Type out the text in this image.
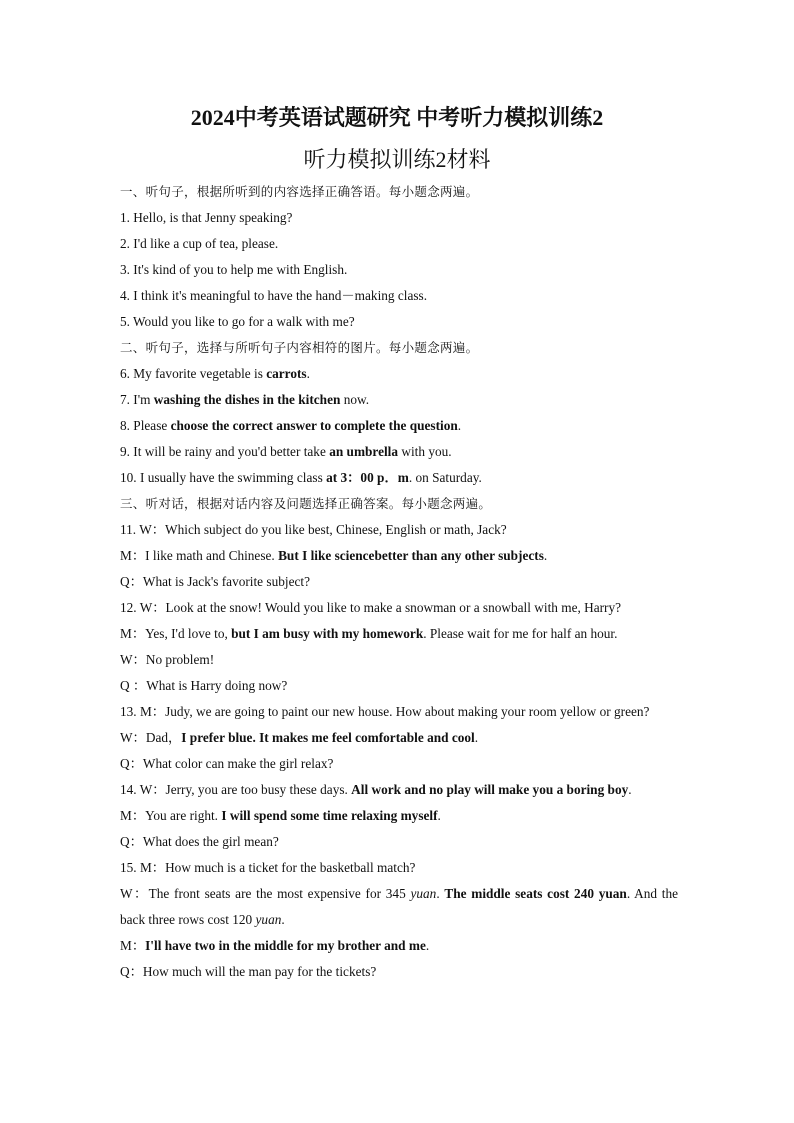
2024中考英语试题研究 中考听力模拟训练2
听力模拟训练2材料
一、听句子，根据所听到的内容选择正确答语。每小题念两遍。
1. Hello, is that Jenny speaking?
2. I'd like a cup of tea, please.
3. It's kind of you to help me with English.
4. I think it's meaningful to have the hand－making class.
5. Would you like to go for a walk with me?
二、听句子，选择与所听句子内容相符的图片。每小题念两遍。
6. My favorite vegetable is carrots.
7. I'm washing the dishes in the kitchen now.
8. Please choose the correct answer to complete the question.
9. It will be rainy and you'd better take an umbrella with you.
10. I usually have the swimming class at 3：00 p．m. on Saturday.
三、听对话，根据对话内容及问题选择正确答案。每小题念两遍。
11. W：Which subject do you like best, Chinese, English or math, Jack?
M：I like math and Chinese. But I like sciencebetter than any other subjects.
Q：What is Jack's favorite subject?
12. W：Look at the snow! Would you like to make a snowman or a snowball with me, Harry?
M：Yes, I'd love to, but I am busy with my homework. Please wait for me for half an hour.
W：No problem!
Q ：What is Harry doing now?
13. M：Judy, we are going to paint our new house. How about making your room yellow or green?
W：Dad，I prefer blue. It makes me feel comfortable and cool.
Q：What color can make the girl relax?
14. W：Jerry, you are too busy these days. All work and no play will make you a boring boy.
M：You are right. I will spend some time relaxing myself.
Q：What does the girl mean?
15. M：How much is a ticket for the basketball match?
W：The front seats are the most expensive for 345 yuan. The middle seats cost 240 yuan. And the back three rows cost 120 yuan.
M：I'll have two in the middle for my brother and me.
Q：How much will the man pay for the tickets?
